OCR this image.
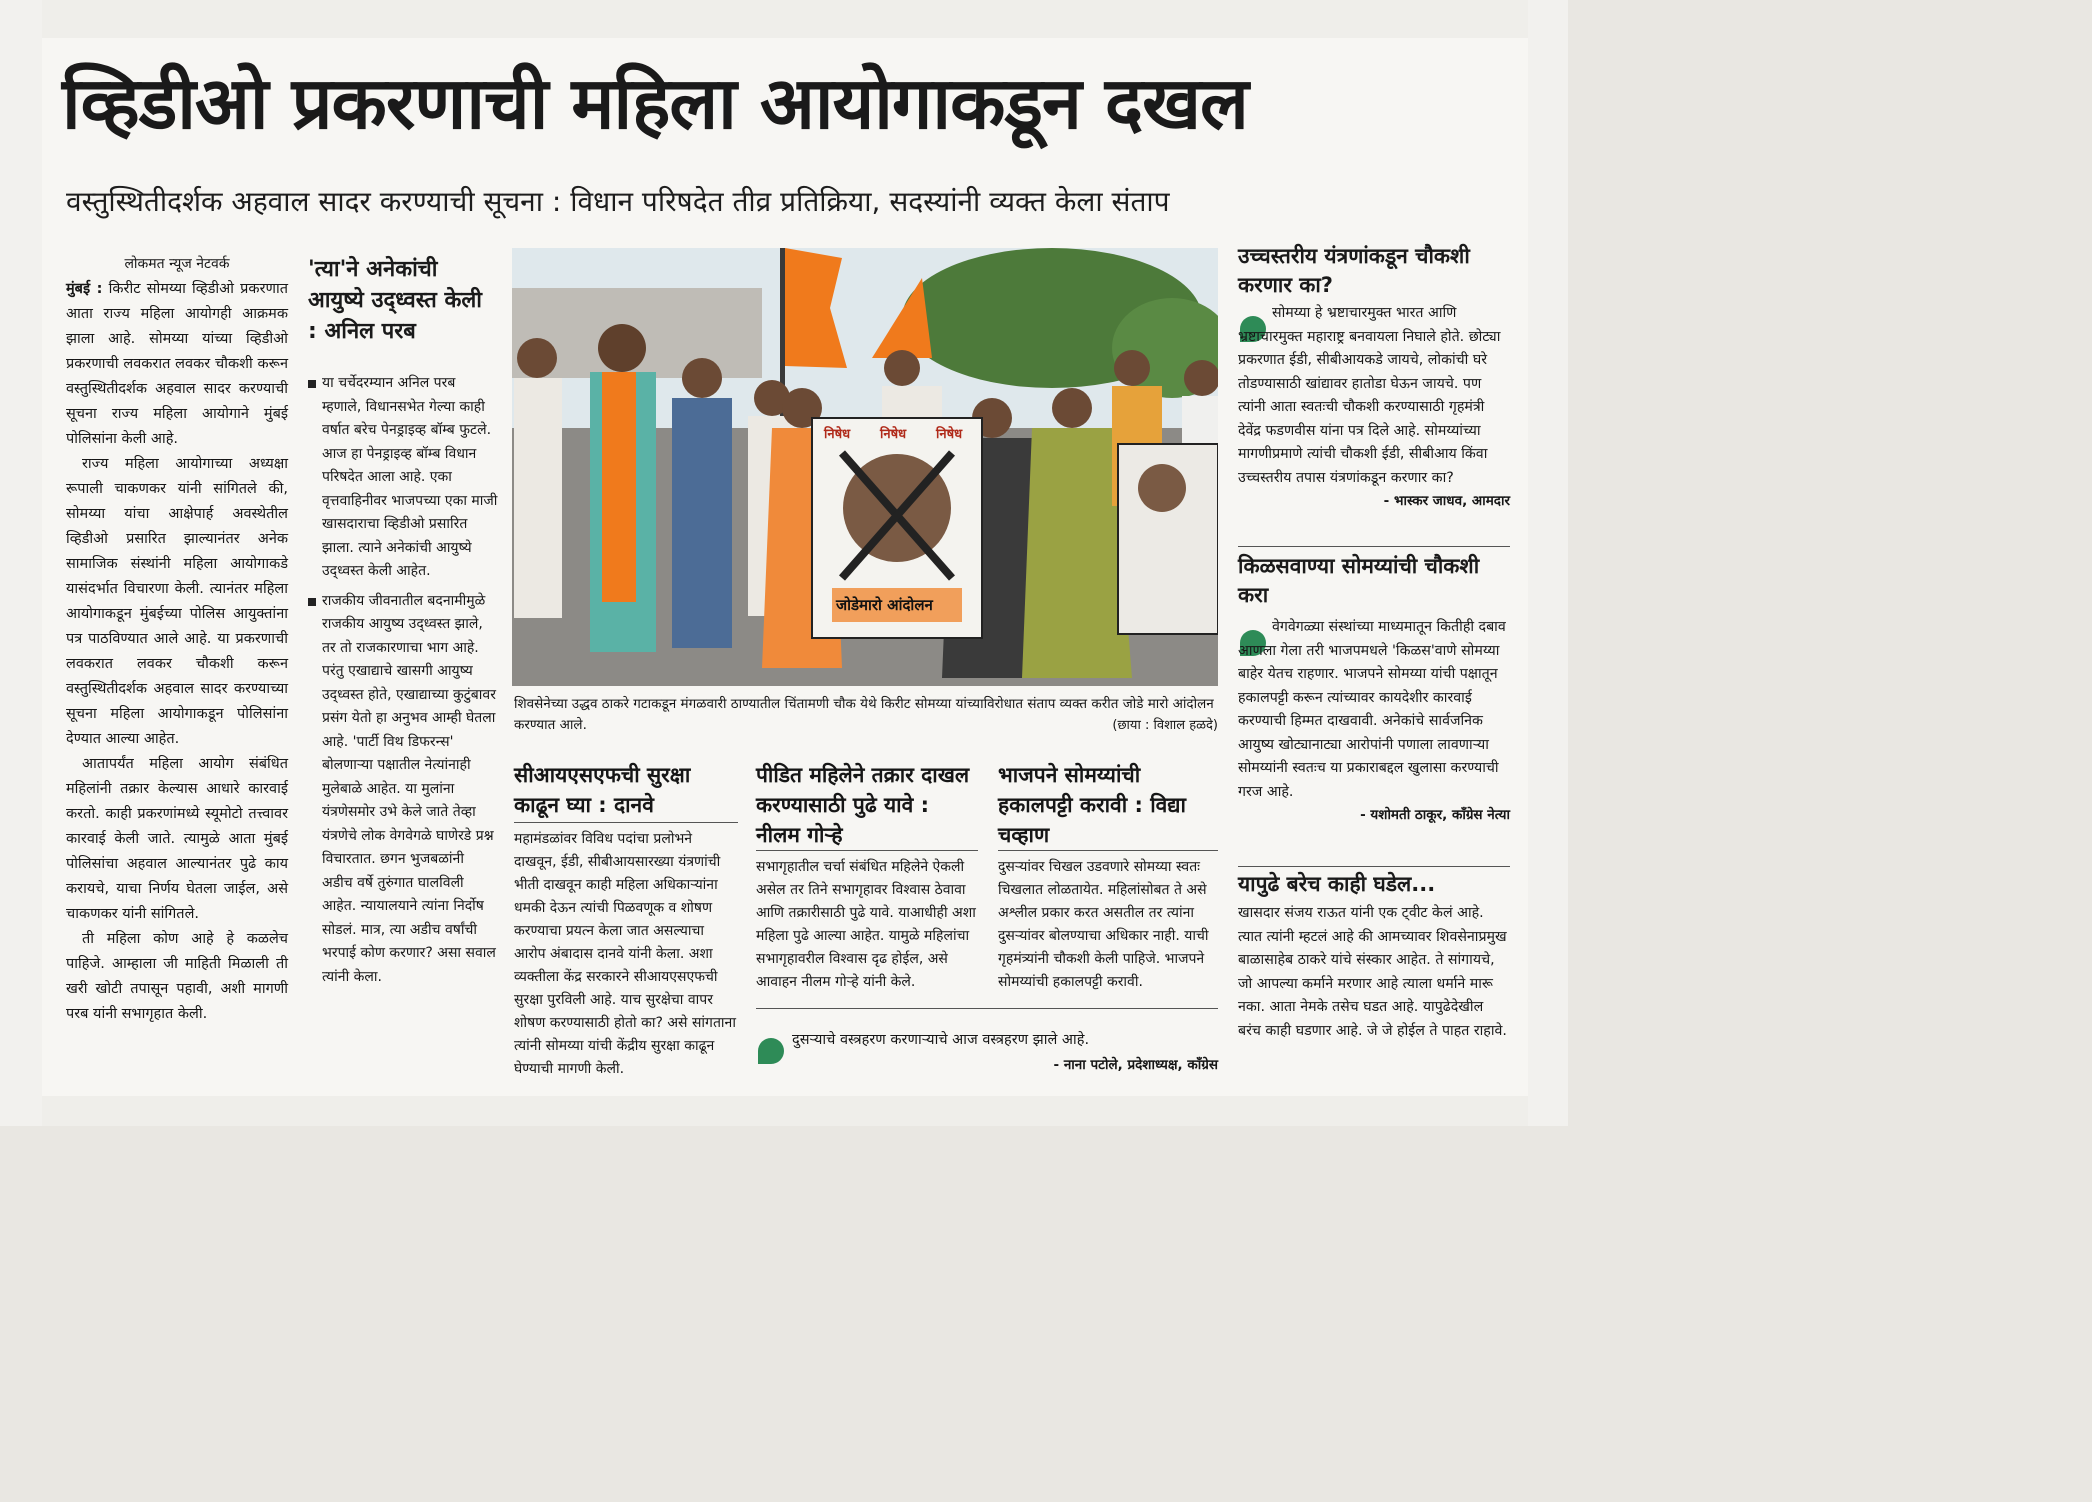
व्हिडीओ प्रकरणाची महिला आयोगाकडून दखल
वस्तुस्थितीदर्शक अहवाल सादर करण्याची सूचना : विधान परिषदेत तीव्र प्रतिक्रिया, सदस्यांनी व्यक्त केला संताप

लोकमत न्यूज नेटवर्क

मुंबई : किरीट सोमय्या व्हिडीओ प्रकरणात आता राज्य महिला आयोगही आक्रमक झाला आहे. सोमय्या यांच्या व्हिडीओ प्रकरणाची लवकरात लवकर चौकशी करून वस्तुस्थितीदर्शक अहवाल सादर करण्याची सूचना राज्य महिला आयोगाने मुंबई पोलिसांना केली आहे.

राज्य महिला आयोगाच्या अध्यक्षा रूपाली चाकणकर यांनी सांगितले की, सोमय्या यांचा आक्षेपार्ह अवस्थेतील व्हिडीओ प्रसारित झाल्यानंतर अनेक सामाजिक संस्थांनी महिला आयोगाकडे यासंदर्भात विचारणा केली. त्यानंतर महिला आयोगाकडून मुंबईच्या पोलिस आयुक्तांना पत्र पाठविण्यात आले आहे. या प्रकरणाची लवकरात लवकर चौकशी करून वस्तुस्थितीदर्शक अहवाल सादर करण्याच्या सूचना महिला आयोगाकडून पोलिसांना देण्यात आल्या आहेत.

आतापर्यंत महिला आयोग संबंधित महिलांनी तक्रार केल्यास आधारे कारवाई करतो. काही प्रकरणांमध्ये स्यूमोटो तत्त्वावर कारवाई केली जाते. त्यामुळे आता मुंबई पोलिसांचा अहवाल आल्यानंतर पुढे काय करायचे, याचा निर्णय घेतला जाईल, असे चाकणकर यांनी सांगितले.

ती महिला कोण आहे हे कळलेच पाहिजे. आम्हाला जी माहिती मिळाली ती खरी खोटी तपासून पहावी, अशी मागणी परब यांनी सभागृहात केली.

'त्या'ने अनेकांची आयुष्ये उद्ध्वस्त केली : अनिल परब
या चर्चेदरम्यान अनिल परब म्हणाले, विधानसभेत गेल्या काही वर्षात बरेच पेनड्राइव्ह बॉम्ब फुटले. आज हा पेनड्राइव्ह बॉम्ब विधान परिषदेत आला आहे. एका वृत्तवाहिनीवर भाजपच्या एका माजी खासदाराचा व्हिडीओ प्रसारित झाला. त्याने अनेकांची आयुष्ये उद्ध्वस्त केली आहेत.
राजकीय जीवनातील बदनामीमुळे राजकीय आयुष्य उद्ध्वस्त झाले, तर तो राजकारणाचा भाग आहे. परंतु एखाद्याचे खासगी आयुष्य उद्ध्वस्त होते, एखाद्याच्या कुटुंबावर प्रसंग येतो हा अनुभव आम्ही घेतला आहे. 'पार्टी विथ डिफरन्स' बोलणाऱ्या पक्षातील नेत्यांनाही मुलेबाळे आहेत. या मुलांना यंत्रणेसमोर उभे केले जाते तेव्हा यंत्रणेचे लोक वेगवेगळे घाणेरडे प्रश्न विचारतात. छगन भुजबळांनी अडीच वर्षे तुरुंगात घालविली आहेत. न्यायालयाने त्यांना निर्दोष सोडलं. मात्र, त्या अडीच वर्षांची भरपाई कोण करणार? असा सवाल त्यांनी केला.
निषेध निषेध निषेध
जोडेमारो आंदोलन
शिवसेनेच्या उद्धव ठाकरे गटाकडून मंगळवारी ठाण्यातील चिंतामणी चौक येथे किरीट सोमय्या यांच्याविरोधात संताप व्यक्त करीत जोडे मारो आंदोलन करण्यात आले.	(छाया : विशाल हळदे)
सीआयएसएफची सुरक्षा काढून घ्या : दानवे
महामंडळांवर विविध पदांचा प्रलोभने दाखवून, ईडी, सीबीआयसारख्या यंत्रणांची भीती दाखवून काही महिला अधिकाऱ्यांना धमकी देऊन त्यांची पिळवणूक व शोषण करण्याचा प्रयत्न केला जात असल्याचा आरोप अंबादास दानवे यांनी केला. अशा व्यक्तीला केंद्र सरकारने सीआयएसएफची सुरक्षा पुरविली आहे. याच सुरक्षेचा वापर शोषण करण्यासाठी होतो का? असे सांगताना त्यांनी सोमय्या यांची केंद्रीय सुरक्षा काढून घेण्याची मागणी केली.
पीडित महिलेने तक्रार दाखल करण्यासाठी पुढे यावे : नीलम गोऱ्हे
सभागृहातील चर्चा संबंधित महिलेने ऐकली असेल तर तिने सभागृहावर विश्वास ठेवावा आणि तक्रारीसाठी पुढे यावे. याआधीही अशा महिला पुढे आल्या आहेत. यामुळे महिलांचा सभागृहावरील विश्वास दृढ होईल, असे आवाहन नीलम गोऱ्हे यांनी केले.
भाजपने सोमय्यांची हकालपट्टी करावी : विद्या चव्हाण
दुसऱ्यांवर चिखल उडवणारे सोमय्या स्वतः चिखलात लोळतायेत. महिलांसोबत ते असे अश्लील प्रकार करत असतील तर त्यांना दुसऱ्यांवर बोलण्याचा अधिकार नाही. याची गृहमंत्र्यांनी चौकशी केली पाहिजे. भाजपने सोमय्यांची हकालपट्टी करावी.
दुसऱ्याचे वस्त्रहरण करणाऱ्याचे आज वस्त्रहरण झाले आहे.
- नाना पटोले, प्रदेशाध्यक्ष, काँग्रेस
उच्चस्तरीय यंत्रणांकडून चौकशी करणार का?
सोमय्या हे भ्रष्टाचारमुक्त भारत आणि भ्रष्टाचारमुक्त महाराष्ट्र बनवायला निघाले होते. छोट्या प्रकरणात ईडी, सीबीआयकडे जायचे, लोकांची घरे तोडण्यासाठी खांद्यावर हातोडा घेऊन जायचे. पण त्यांनी आता स्वतःची चौकशी करण्यासाठी गृहमंत्री देवेंद्र फडणवीस यांना पत्र दिले आहे. सोमय्यांच्या मागणीप्रमाणे त्यांची चौकशी ईडी, सीबीआय किंवा उच्चस्तरीय तपास यंत्रणांकडून करणार का?
- भास्कर जाधव, आमदार
किळसवाण्या सोमय्यांची चौकशी करा
वेगवेगळ्या संस्थांच्या माध्यमातून कितीही दबाव आणला गेला तरी भाजपमधले 'किळस'वाणे सोमय्या बाहेर येतच राहणार. भाजपने सोमय्या यांची पक्षातून हकालपट्टी करून त्यांच्यावर कायदेशीर कारवाई करण्याची हिम्मत दाखवावी. अनेकांचे सार्वजनिक आयुष्य खोट्यानाट्या आरोपांनी पणाला लावणाऱ्या सोमय्यांनी स्वतःच या प्रकाराबद्दल खुलासा करण्याची गरज आहे.
- यशोमती ठाकूर, काँग्रेस नेत्या
यापुढे बरेच काही घडेल...
खासदार संजय राऊत यांनी एक ट्वीट केलं आहे. त्यात त्यांनी म्हटलं आहे की आमच्यावर शिवसेनाप्रमुख बाळासाहेब ठाकरे यांचे संस्कार आहेत. ते सांगायचे, जो आपल्या कर्माने मरणार आहे त्याला धर्माने मारू नका. आता नेमके तसेच घडत आहे. यापुढेदेखील बरंच काही घडणार आहे. जे जे होईल ते पाहत राहावे.
